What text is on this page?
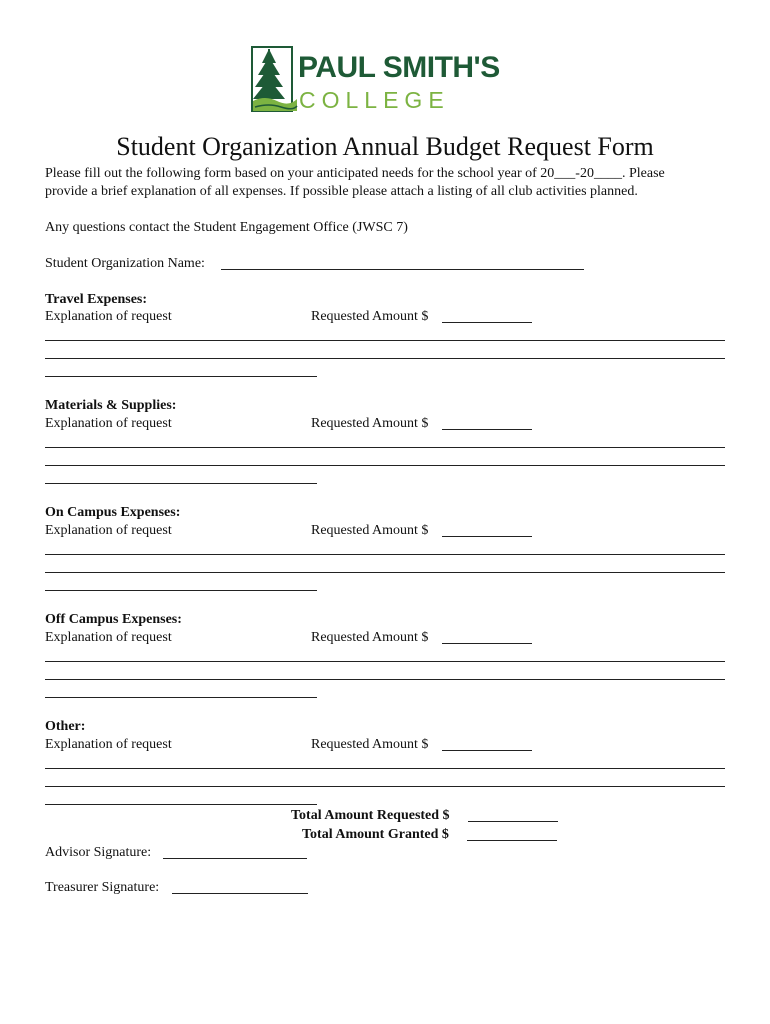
PAUL SMITH'S
COLLEGE
Student Organization Annual Budget Request Form
Please fill out the following form based on your anticipated needs for the school year of 20___-20____. Please
provide a brief explanation of all expenses. If possible please attach a listing of all club activities planned.
Any questions contact the Student Engagement Office (JWSC 7)
Student Organization Name:
Travel Expenses:
Explanation of request	Requested Amount $
Materials & Supplies:
Explanation of request	Requested Amount $
On Campus Expenses:
Explanation of request	Requested Amount $
Off Campus Expenses:
Explanation of request	Requested Amount $
Other:
Explanation of request	Requested Amount $
Total Amount Requested $
Total Amount Granted $
Advisor Signature:
Treasurer Signature:
